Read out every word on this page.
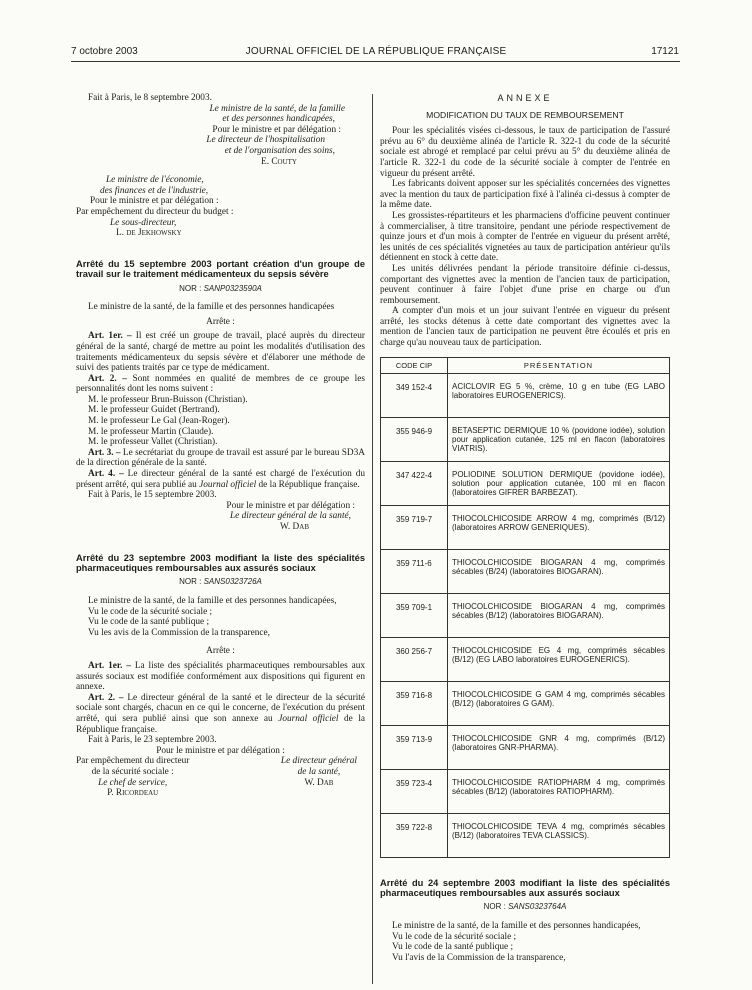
7 octobre 2003	JOURNAL OFFICIEL DE LA RÉPUBLIQUE FRANÇAISE	17121

Fait à Paris, le 8 septembre 2003.

Le ministre de la santé, de la famille

et des personnes handicapées,

Pour le ministre et par délégation :

Le directeur de l'hospitalisation

et de l'organisation des soins,

E. Couty

Le ministre de l'économie,

des finances et de l'industrie,

Pour le ministre et par délégation :

Par empêchement du directeur du budget :

Le sous-directeur,

L. de Jekhowsky

Arrêté du 15 septembre 2003 portant création d'un groupe de travail sur le traitement médicamenteux du sepsis sévère

NOR : SANP0323590A

Le ministre de la santé, de la famille et des personnes handicapées

Arrête :

Art. 1er. – Il est créé un groupe de travail, placé auprès du directeur général de la santé, chargé de mettre au point les modalités d'utilisation des traitements médicamenteux du sepsis sévère et d'élaborer une méthode de suivi des patients traités par ce type de médicament.

Art. 2. – Sont nommées en qualité de membres de ce groupe les personnalités dont les noms suivent :

M. le professeur Brun-Buisson (Christian).

M. le professeur Guidet (Bertrand).

M. le professeur Le Gal (Jean-Roger).

M. le professeur Martin (Claude).

M. le professeur Vallet (Christian).

Art. 3. – Le secrétariat du groupe de travail est assuré par le bureau SD3A de la direction générale de la santé.

Art. 4. – Le directeur général de la santé est chargé de l'exécution du présent arrêté, qui sera publié au Journal officiel de la République française.

Fait à Paris, le 15 septembre 2003.

Pour le ministre et par délégation :

Le directeur général de la santé,

W. Dab

Arrêté du 23 septembre 2003 modifiant la liste des spécialités pharmaceutiques remboursables aux assurés sociaux

NOR : SANS0323726A

Le ministre de la santé, de la famille et des personnes handicapées,

Vu le code de la sécurité sociale ;

Vu le code de la santé publique ;

Vu les avis de la Commission de la transparence,

Arrête :

Art. 1er. – La liste des spécialités pharmaceutiques remboursables aux assurés sociaux est modifiée conformément aux dispositions qui figurent en annexe.

Art. 2. – Le directeur général de la santé et le directeur de la sécurité sociale sont chargés, chacun en ce qui le concerne, de l'exécution du présent arrêté, qui sera publié ainsi que son annexe au Journal officiel de la République française.

Fait à Paris, le 23 septembre 2003.

Pour le ministre et par délégation :

Par empêchement du directeur
de la sécurité sociale :
Le chef de service,
P. Ricordeau
Le directeur général
de la santé,
W. Dab

ANNEXE

MODIFICATION DU TAUX DE REMBOURSEMENT

Pour les spécialités visées ci-dessous, le taux de participation de l'assuré prévu au 6° du deuxième alinéa de l'article R. 322-1 du code de la sécurité sociale est abrogé et remplacé par celui prévu au 5° du deuxième alinéa de l'article R. 322-1 du code de la sécurité sociale à compter de l'entrée en vigueur du présent arrêté.

Les fabricants doivent apposer sur les spécialités concernées des vignettes avec la mention du taux de participation fixé à l'alinéa ci-dessus à compter de la même date.

Les grossistes-répartiteurs et les pharmaciens d'officine peuvent continuer à commercialiser, à titre transitoire, pendant une période respectivement de quinze jours et d'un mois à compter de l'entrée en vigueur du présent arrêté, les unités de ces spécialités vignetées au taux de participation antérieur qu'ils détiennent en stock à cette date.

Les unités délivrées pendant la période transitoire définie ci-dessus, comportant des vignettes avec la mention de l'ancien taux de participation, peuvent continuer à faire l'objet d'une prise en charge ou d'un remboursement.

A compter d'un mois et un jour suivant l'entrée en vigueur du présent arrêté, les stocks détenus à cette date comportant des vignettes avec la mention de l'ancien taux de participation ne peuvent être écoulés et pris en charge qu'au nouveau taux de participation.

CODE CIP	PRÉSENTATION
349 152-4	ACICLOVIR EG 5 %, crème, 10 g en tube (EG LABO laboratoires EUROGENERICS).
355 946-9	BETASEPTIC DERMIQUE 10 % (povidone iodée), solution pour application cutanée, 125 ml en flacon (laboratoires VIATRIS).
347 422-4	POLIODINE SOLUTION DERMIQUE (povidone iodée), solution pour application cutanée, 100 ml en flacon (laboratoires GIFRER BARBEZAT).
359 719-7	THIOCOLCHICOSIDE ARROW 4 mg, comprimés (B/12) (laboratoires ARROW GENERIQUES).
359 711-6	THIOCOLCHICOSIDE BIOGARAN 4 mg, comprimés sécables (B/24) (laboratoires BIOGARAN).
359 709-1	THIOCOLCHICOSIDE BIOGARAN 4 mg, comprimés sécables (B/12) (laboratoires BIOGARAN).
360 256-7	THIOCOLCHICOSIDE EG 4 mg, comprimés sécables (B/12) (EG LABO laboratoires EUROGENERICS).
359 716-8	THIOCOLCHICOSIDE G GAM 4 mg, comprimés sécables (B/12) (laboratoires G GAM).
359 713-9	THIOCOLCHICOSIDE GNR 4 mg, comprimés (B/12) (laboratoires GNR-PHARMA).
359 723-4	THIOCOLCHICOSIDE RATIOPHARM 4 mg, comprimés sécables (B/12) (laboratoires RATIOPHARM).
359 722-8	THIOCOLCHICOSIDE TEVA 4 mg, comprimés sécables (B/12) (laboratoires TEVA CLASSICS).

Arrêté du 24 septembre 2003 modifiant la liste des spécialités pharmaceutiques remboursables aux assurés sociaux

NOR : SANS0323764A

Le ministre de la santé, de la famille et des personnes handicapées,

Vu le code de la sécurité sociale ;

Vu le code de la santé publique ;

Vu l'avis de la Commission de la transparence,
